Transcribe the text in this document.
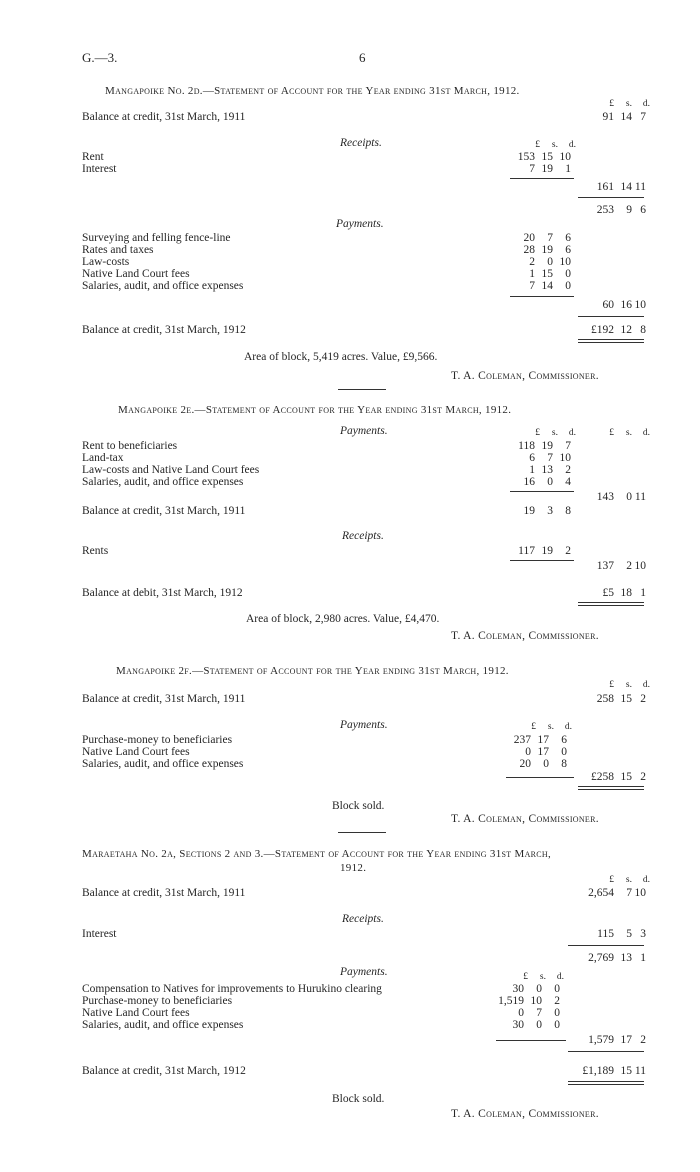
G.—3.	6
Mangapoike No. 2d.—Statement of Account for the Year ending 31st March, 1912.
£ s. d.
Balance at credit, 31st March, 1911	91 14 7
Receipts.	£ s. d.
Rent	153 15 10
Interest	7 19 1
161 14 11
253 9 6
Payments.
Surveying and felling fence-line	20 7 6
Rates and taxes	28 19 6
Law-costs	2 0 10
Native Land Court fees	1 15 0
Salaries, audit, and office expenses	7 14 0
60 16 10
Balance at credit, 31st March, 1912	£192 12 8
Area of block, 5,419 acres. Value, £9,566.
T. A. Coleman, Commissioner.
Mangapoike 2e.—Statement of Account for the Year ending 31st March, 1912.
Payments.	£ s. d.	£ s. d.
Rent to beneficiaries	118 19 7
Land-tax	6 7 10
Law-costs and Native Land Court fees	1 13 2
Salaries, audit, and office expenses	16 0 4
143 0 11
Balance at credit, 31st March, 1911	19 3 8
Receipts.
Rents	117 19 2
137 2 10
Balance at debit, 31st March, 1912	£5 18 1
Area of block, 2,980 acres. Value, £4,470.
T. A. Coleman, Commissioner.
Mangapoike 2f.—Statement of Account for the Year ending 31st March, 1912.
£ s. d.
Balance at credit, 31st March, 1911	258 15 2
Payments.	£ s. d.
Purchase-money to beneficiaries	237 17 6
Native Land Court fees	0 17 0
Salaries, audit, and office expenses	20 0 8
£258 15 2
Block sold.
T. A. Coleman, Commissioner.
Maraetaha No. 2a, Sections 2 and 3.—Statement of Account for the Year ending 31st March,
1912.
£ s. d.
Balance at credit, 31st March, 1911	2,654 7 10
Receipts.
Interest	115 5 3
2,769 13 1
Payments.	£ s. d.
Compensation to Natives for improvements to Hurukino clearing	30 0 0
Purchase-money to beneficiaries	1,519 10 2
Native Land Court fees	0 7 0
Salaries, audit, and office expenses	30 0 0
1,579 17 2
Balance at credit, 31st March, 1912	£1,189 15 11
Block sold.
T. A. Coleman, Commissioner.
